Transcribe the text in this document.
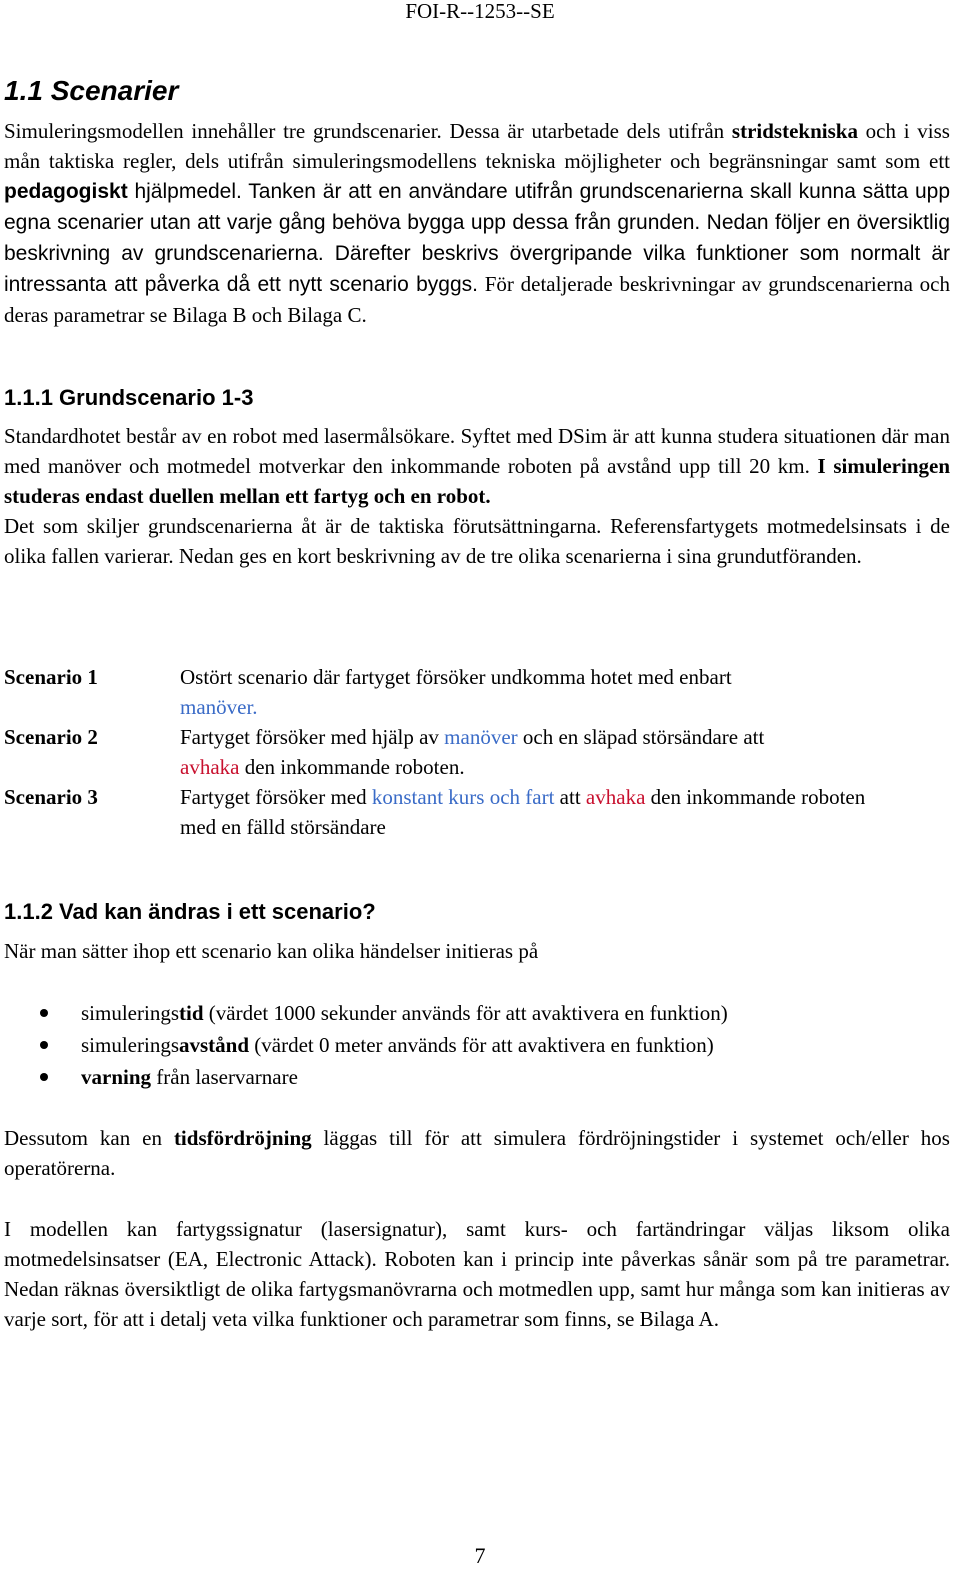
FOI-R--1253--SE
1.1 Scenarier

Simuleringsmodellen innehåller tre grundscenarier. Dessa är utarbetade dels utifrån stridstekniska och i viss mån taktiska regler, dels utifrån simuleringsmodellens tekniska möjligheter och begränsningar samt som ett pedagogiskt hjälpmedel. Tanken är att en användare utifrån grundscenarierna skall kunna sätta upp egna scenarier utan att varje gång behöva bygga upp dessa från grunden. Nedan följer en översiktlig beskrivning av grundscenarierna. Därefter beskrivs övergripande vilka funktioner som normalt är intressanta att påverka då ett nytt scenario byggs. För detaljerade beskrivningar av grundscenarierna och deras parametrar se Bilaga B och Bilaga C.

1.1.1 Grundscenario 1-3

Standardhotet består av en robot med lasermålsökare. Syftet med DSim är att kunna studera situationen där man med manöver och motmedel motverkar den inkommande roboten på avstånd upp till 20 km. I simuleringen studeras endast duellen mellan ett fartyg och en robot.

Det som skiljer grundscenarierna åt är de taktiska förutsättningarna. Referensfartygets motmedelsinsats i de olika fallen varierar. Nedan ges en kort beskrivning av de tre olika scenarierna i sina grundutföranden.

Scenario 1	Ostört scenario där fartyget försöker undkomma hotet med enbart
manöver.
Scenario 2	Fartyget försöker med hjälp av manöver och en släpad störsändare att
avhaka den inkommande roboten.
Scenario 3	Fartyget försöker med konstant kurs och fart att avhaka den inkommande roboten med en fälld störsändare
1.1.2 Vad kan ändras i ett scenario?

När man sätter ihop ett scenario kan olika händelser initieras på

simuleringstid (värdet 1000 sekunder används för att avaktivera en funktion)
simuleringsavstånd (värdet 0 meter används för att avaktivera en funktion)
varning från laservarnare

Dessutom kan en tidsfördröjning läggas till för att simulera fördröjningstider i systemet och/eller hos operatörerna.

I modellen kan fartygssignatur (lasersignatur), samt kurs- och fartändringar väljas liksom olika motmedelsinsatser (EA, Electronic Attack). Roboten kan i princip inte påverkas sånär som på tre parametrar. Nedan räknas översiktligt de olika fartygsmanövrarna och motmedlen upp, samt hur många som kan initieras av varje sort, för att i detalj veta vilka funktioner och parametrar som finns, se Bilaga A.

7
